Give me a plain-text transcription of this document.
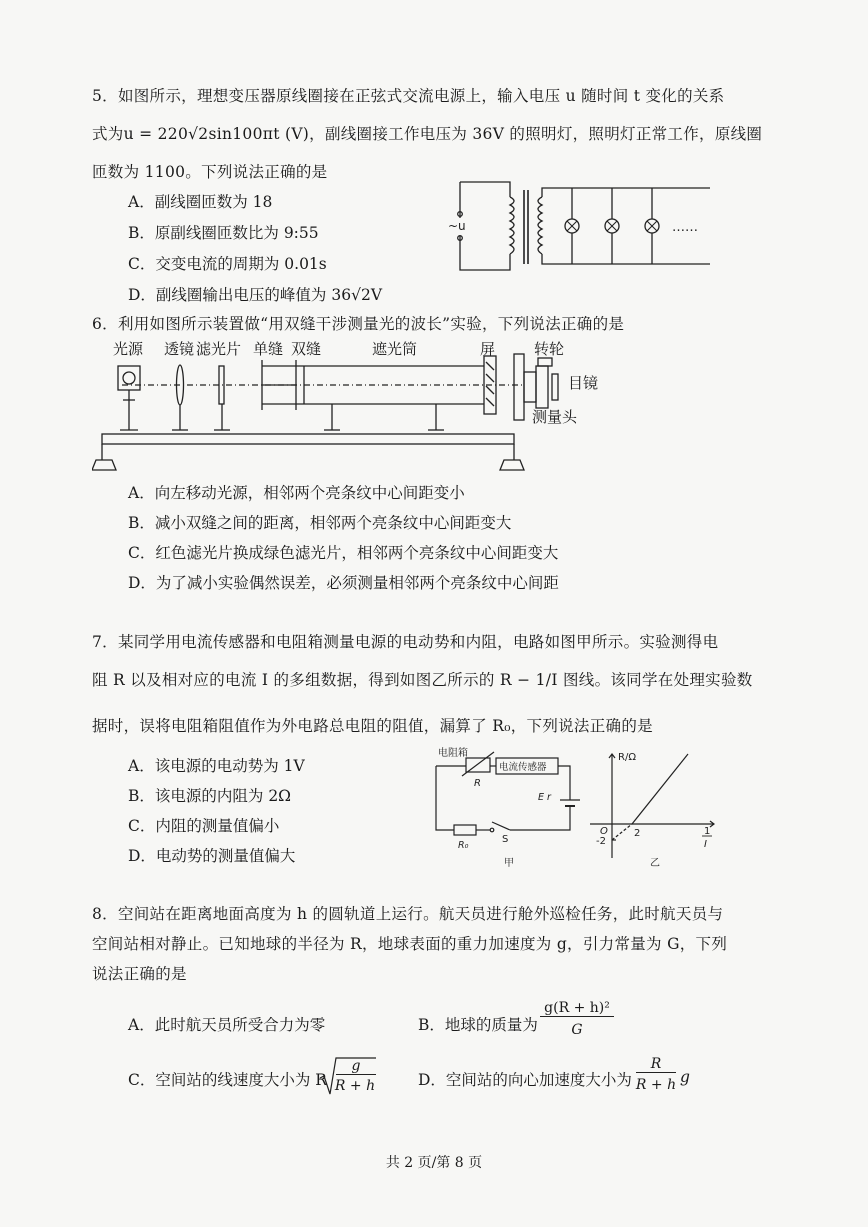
5．如图所示，理想变压器原线圈接在正弦式交流电源上，输入电压 u 随时间 t 变化的关系
式为u = 220√2sin100πt (V)，副线圈接工作电压为 36V 的照明灯，照明灯正常工作，原线圈
匝数为 1100。下列说法正确的是
A．副线圈匝数为 18
B．原副线圈匝数比为 9:55
C．交变电流的周期为 0.01s
D．副线圈输出电压的峰值为 36√2V
~u	……
6．利用如图所示装置做“用双缝干涉测量光的波长”实验，下列说法正确的是
光源 透镜 滤光片 单缝 双缝	遮光筒	屏	转轮
目镜
测量头
A．向左移动光源，相邻两个亮条纹中心间距变小
B．减小双缝之间的距离，相邻两个亮条纹中心间距变大
C．红色滤光片换成绿色滤光片，相邻两个亮条纹中心间距变大
D．为了减小实验偶然误差，必须测量相邻两个亮条纹中心间距
7．某同学用电流传感器和电阻箱测量电源的电动势和内阻，电路如图甲所示。实验测得电
阻 R 以及相对应的电流 I 的多组数据，得到如图乙所示的 R − 1/I 图线。该同学在处理实验数
据时，误将电阻箱阻值作为外电路总电阻的阻值，漏算了 R₀，下列说法正确的是
A．该电源的电动势为 1V
B．该电源的内阻为 2Ω
C．内阻的测量值偏小
D．电动势的测量值偏大
电阻箱
R
电流传感器
E r
R₀
S
甲
R/Ω
O	2
-2
1
I
乙
8．空间站在距离地面高度为 h 的圆轨道上运行。航天员进行舱外巡检任务，此时航天员与
空间站相对静止。已知地球的半径为 R，地球表面的重力加速度为 g，引力常量为 G，下列
说法正确的是
A．此时航天员所受合力为零	B．地球的质量为
g(R + h)²
G
C．空间站的线速度大小为 R
g
R + h	D．空间站的向心加速度大小为
R
R + h g
共 2 页/第 8 页
